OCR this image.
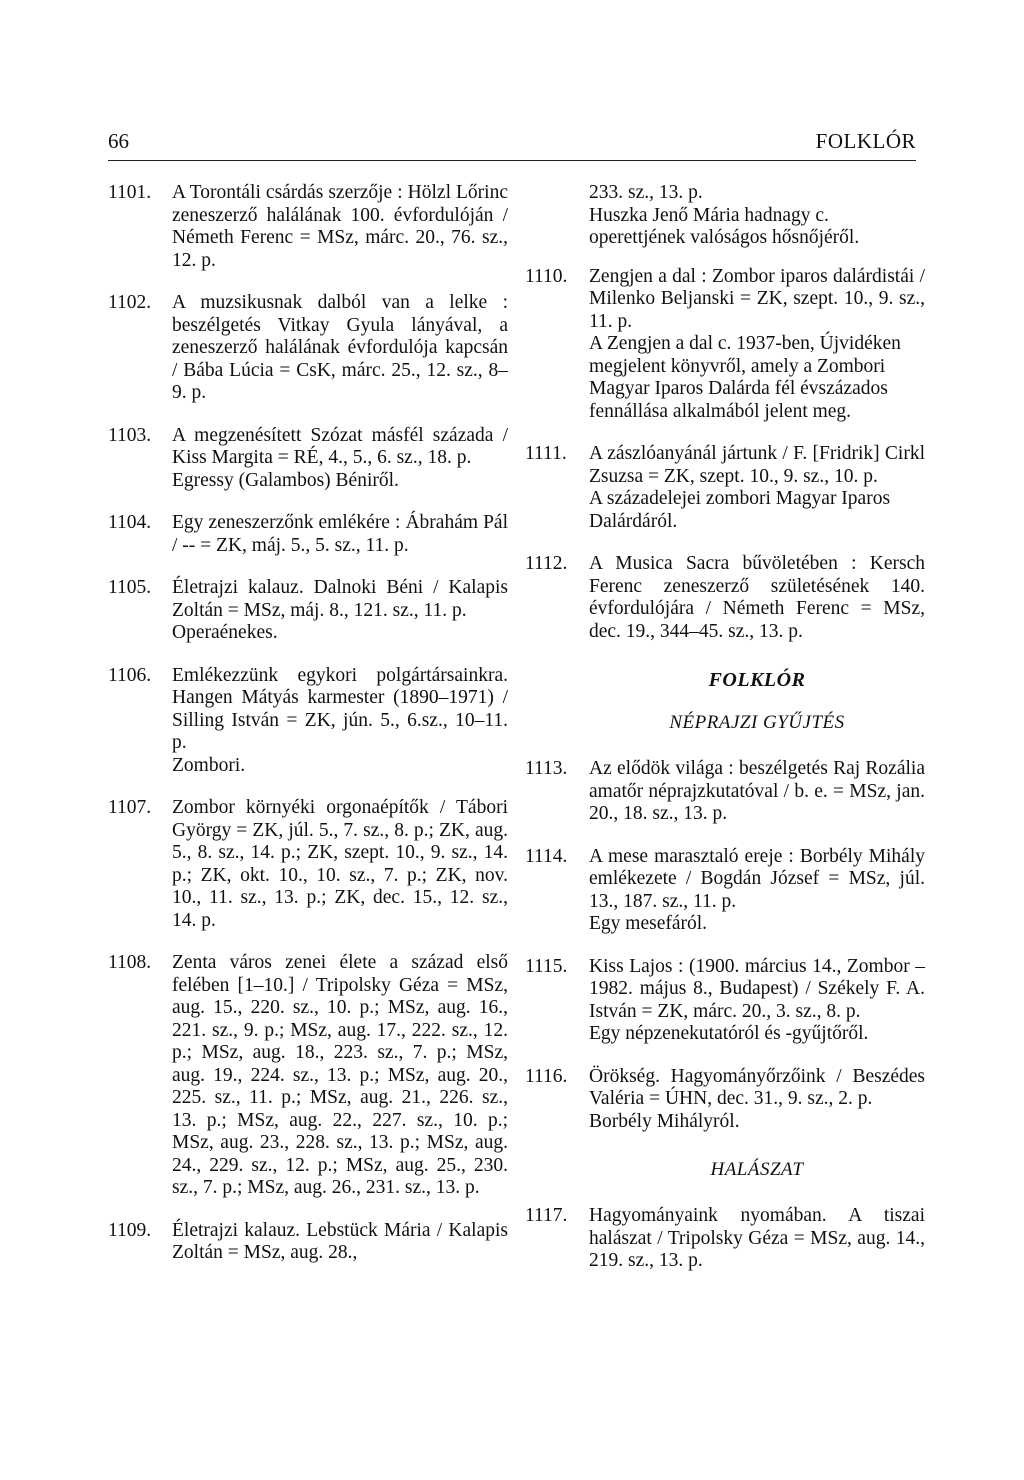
66	FOLKLÓR
1101.	A Torontáli csárdás szerzője : Hölzl Lőrinc zeneszerző halálának 100. évfordulóján / Németh Ferenc = MSz, márc. 20., 76. sz., 12. p.
1102.	A muzsikusnak dalból van a lelke : beszélgetés Vitkay Gyula lányával, a zeneszerző halálának évfordulója kapcsán / Bába Lúcia = CsK, márc. 25., 12. sz., 8–9. p.
1103.	A megzenésített Szózat másfél százada / Kiss Margita = RÉ, 4., 5., 6. sz., 18. p.
Egressy (Galambos) Béniről.
1104.	Egy zeneszerzőnk emlékére : Ábrahám Pál / -- = ZK, máj. 5., 5. sz., 11. p.
1105.	Életrajzi kalauz. Dalnoki Béni / Kalapis Zoltán = MSz, máj. 8., 121. sz., 11. p.
Operaénekes.
1106.	Emlékezzünk egykori polgártársainkra. Hangen Mátyás karmester (1890–1971) / Silling István = ZK, jún. 5., 6.sz., 10–11. p.
Zombori.
1107.	Zombor környéki orgonaépítők / Tábori György = ZK, júl. 5., 7. sz., 8. p.; ZK, aug. 5., 8. sz., 14. p.; ZK, szept. 10., 9. sz., 14. p.; ZK, okt. 10., 10. sz., 7. p.; ZK, nov. 10., 11. sz., 13. p.; ZK, dec. 15., 12. sz., 14. p.
1108.	Zenta város zenei élete a század első felében [1–10.] / Tripolsky Géza = MSz, aug. 15., 220. sz., 10. p.; MSz, aug. 16., 221. sz., 9. p.; MSz, aug. 17., 222. sz., 12. p.; MSz, aug. 18., 223. sz., 7. p.; MSz, aug. 19., 224. sz., 13. p.; MSz, aug. 20., 225. sz., 11. p.; MSz, aug. 21., 226. sz., 13. p.; MSz, aug. 22., 227. sz., 10. p.; MSz, aug. 23., 228. sz., 13. p.; MSz, aug. 24., 229. sz., 12. p.; MSz, aug. 25., 230. sz., 7. p.; MSz, aug. 26., 231. sz., 13. p.
1109.	Életrajzi kalauz. Lebstück Mária / Kalapis Zoltán = MSz, aug. 28.,
233. sz., 13. p.
Huszka Jenő Mária hadnagy c. operettjének valóságos hősnőjéről.
1110.	Zengjen a dal : Zombor iparos dalárdistái / Milenko Beljanski = ZK, szept. 10., 9. sz., 11. p.
A Zengjen a dal c. 1937-ben, Újvidéken megjelent könyvről, amely a Zombori Magyar Iparos Dalárda fél évszázados fennállása alkalmából jelent meg.
1111.	A zászlóanyánál jártunk / F. [Fridrik] Cirkl Zsuzsa = ZK, szept. 10., 9. sz., 10. p.
A századelejei zombori Magyar Iparos Dalárdáról.
1112.	A Musica Sacra bűvöletében : Kersch Ferenc zeneszerző születésének 140. évfordulójára / Németh Ferenc = MSz, dec. 19., 344–45. sz., 13. p.
FOLKLÓR
NÉPRAJZI GYŰJTÉS
1113.	Az elődök világa : beszélgetés Raj Rozália amatőr néprajzkutatóval / b. e. = MSz, jan. 20., 18. sz., 13. p.
1114.	A mese marasztaló ereje : Borbély Mihály emlékezete / Bogdán József = MSz, júl. 13., 187. sz., 11. p.
Egy mesefáról.
1115.	Kiss Lajos : (1900. március 14., Zombor – 1982. május 8., Budapest) / Székely F. A. István = ZK, márc. 20., 3. sz., 8. p.
Egy népzenekutatóról és -gyűjtőről.
1116.	Örökség. Hagyományőrzőink / Beszédes Valéria = ÚHN, dec. 31., 9. sz., 2. p.
Borbély Mihályról.
HALÁSZAT
1117.	Hagyományaink nyomában. A tiszai halászat / Tripolsky Géza = MSz, aug. 14., 219. sz., 13. p.
